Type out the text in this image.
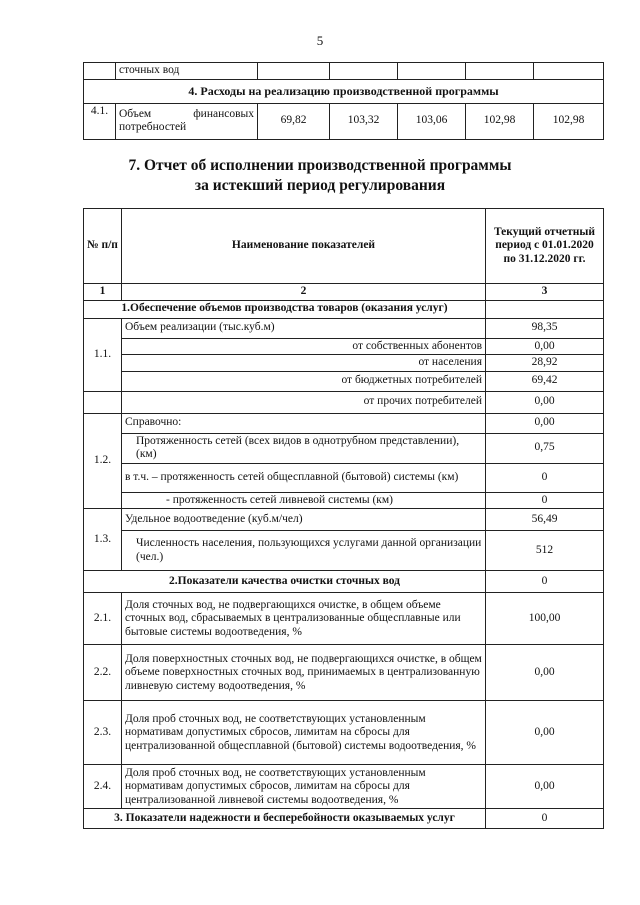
5
	сточных вод					
4. Расходы на реализацию производственной программы						
4.1.	Объем финансовых потребностей	69,82	103,32	103,06	102,98	102,98
7. Отчет об исполнении производственной программы
за истекший период регулирования
№ п/п	Наименование показателей	Текущий отчетный период с 01.01.2020 по 31.12.2020 гг.
1	2	3
1.Обеспечение объемов производства товаров (оказания услуг)		
1.1.	Объем реализации (тыс.куб.м)	98,35
	от собственных абонентов	0,00
	от населения	28,92
	от бюджетных потребителей	69,42
	от прочих потребителей	0,00
1.2.	Справочно:	0,00
	Протяженность сетей (всех видов в однотрубном представлении), (км)	0,75
	в т.ч. – протяженность сетей общесплавной (бытовой) системы (км)	0
	- протяженность сетей ливневой системы (км)	0
1.3.	Удельное водоотведение (куб.м/чел)	56,49
	Численность населения, пользующихся услугами данной организации (чел.)	512
2.Показатели качества очистки сточных вод		0
2.1.	Доля сточных вод, не подвергающихся очистке, в общем объеме сточных вод, сбрасываемых в централизованные общесплавные или бытовые системы водоотведения, %	100,00
2.2.	Доля поверхностных сточных вод, не подвергающихся очистке, в общем объеме поверхностных сточных вод, принимаемых в централизованную ливневую систему водоотведения, %	0,00
2.3.	Доля проб сточных вод, не соответствующих установленным нормативам допустимых сбросов, лимитам на сбросы для централизованной общесплавной (бытовой) системы водоотведения, %	0,00
2.4.	Доля проб сточных вод, не соответствующих установленным нормативам допустимых сбросов, лимитам на сбросы для централизованной ливневой системы водоотведения, %	0,00
3. Показатели надежности и бесперебойности оказываемых услуг		0
